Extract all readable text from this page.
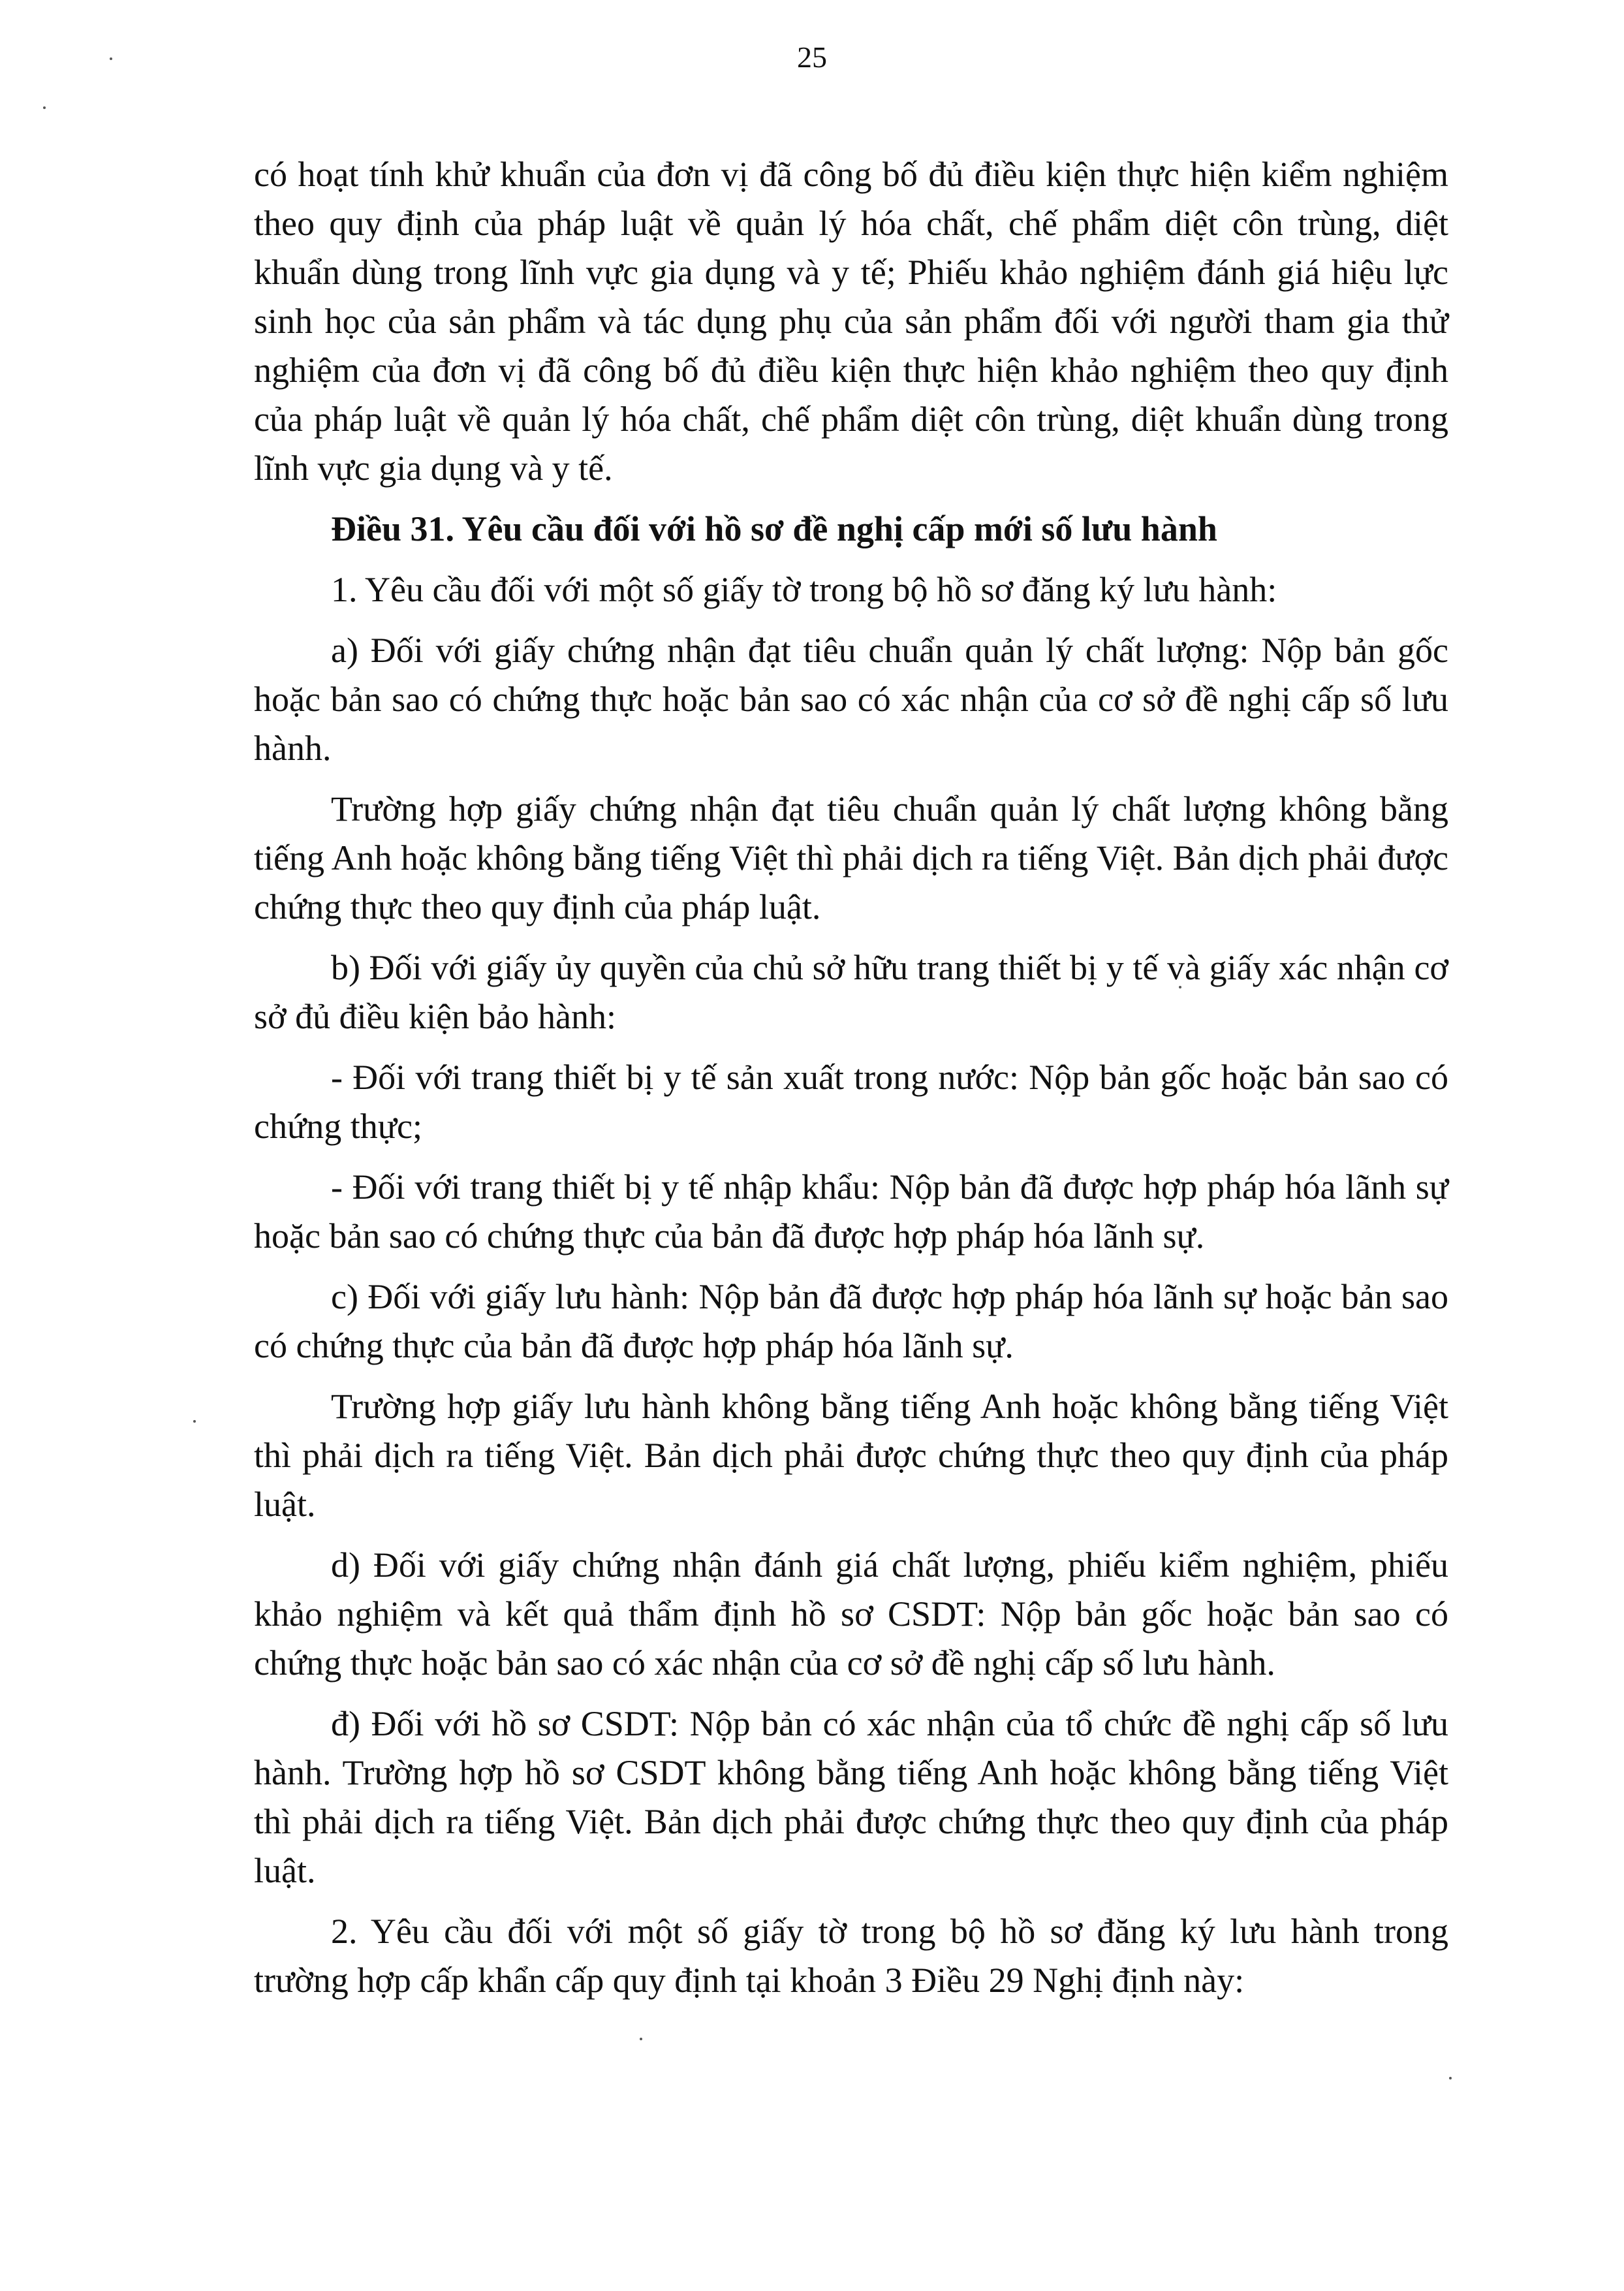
25

có hoạt tính khử khuẩn của đơn vị đã công bố đủ điều kiện thực hiện kiểm nghiệm theo quy định của pháp luật về quản lý hóa chất, chế phẩm diệt côn trùng, diệt khuẩn dùng trong lĩnh vực gia dụng và y tế; Phiếu khảo nghiệm đánh giá hiệu lực sinh học của sản phẩm và tác dụng phụ của sản phẩm đối với người tham gia thử nghiệm của đơn vị đã công bố đủ điều kiện thực hiện khảo nghiệm theo quy định của pháp luật về quản lý hóa chất, chế phẩm diệt côn trùng, diệt khuẩn dùng trong lĩnh vực gia dụng và y tế.

Điều 31. Yêu cầu đối với hồ sơ đề nghị cấp mới số lưu hành

1. Yêu cầu đối với một số giấy tờ trong bộ hồ sơ đăng ký lưu hành:

a) Đối với giấy chứng nhận đạt tiêu chuẩn quản lý chất lượng: Nộp bản gốc hoặc bản sao có chứng thực hoặc bản sao có xác nhận của cơ sở đề nghị cấp số lưu hành.

Trường hợp giấy chứng nhận đạt tiêu chuẩn quản lý chất lượng không bằng tiếng Anh hoặc không bằng tiếng Việt thì phải dịch ra tiếng Việt. Bản dịch phải được chứng thực theo quy định của pháp luật.

b) Đối với giấy ủy quyền của chủ sở hữu trang thiết bị y tế và giấy xác nhận cơ sở đủ điều kiện bảo hành:

- Đối với trang thiết bị y tế sản xuất trong nước: Nộp bản gốc hoặc bản sao có chứng thực;

- Đối với trang thiết bị y tế nhập khẩu: Nộp bản đã được hợp pháp hóa lãnh sự hoặc bản sao có chứng thực của bản đã được hợp pháp hóa lãnh sự.

c) Đối với giấy lưu hành: Nộp bản đã được hợp pháp hóa lãnh sự hoặc bản sao có chứng thực của bản đã được hợp pháp hóa lãnh sự.

Trường hợp giấy lưu hành không bằng tiếng Anh hoặc không bằng tiếng Việt thì phải dịch ra tiếng Việt. Bản dịch phải được chứng thực theo quy định của pháp luật.

d) Đối với giấy chứng nhận đánh giá chất lượng, phiếu kiểm nghiệm, phiếu khảo nghiệm và kết quả thẩm định hồ sơ CSDT: Nộp bản gốc hoặc bản sao có chứng thực hoặc bản sao có xác nhận của cơ sở đề nghị cấp số lưu hành.

đ) Đối với hồ sơ CSDT: Nộp bản có xác nhận của tổ chức đề nghị cấp số lưu hành. Trường hợp hồ sơ CSDT không bằng tiếng Anh hoặc không bằng tiếng Việt thì phải dịch ra tiếng Việt. Bản dịch phải được chứng thực theo quy định của pháp luật.

2. Yêu cầu đối với một số giấy tờ trong bộ hồ sơ đăng ký lưu hành trong trường hợp cấp khẩn cấp quy định tại khoản 3 Điều 29 Nghị định này:
